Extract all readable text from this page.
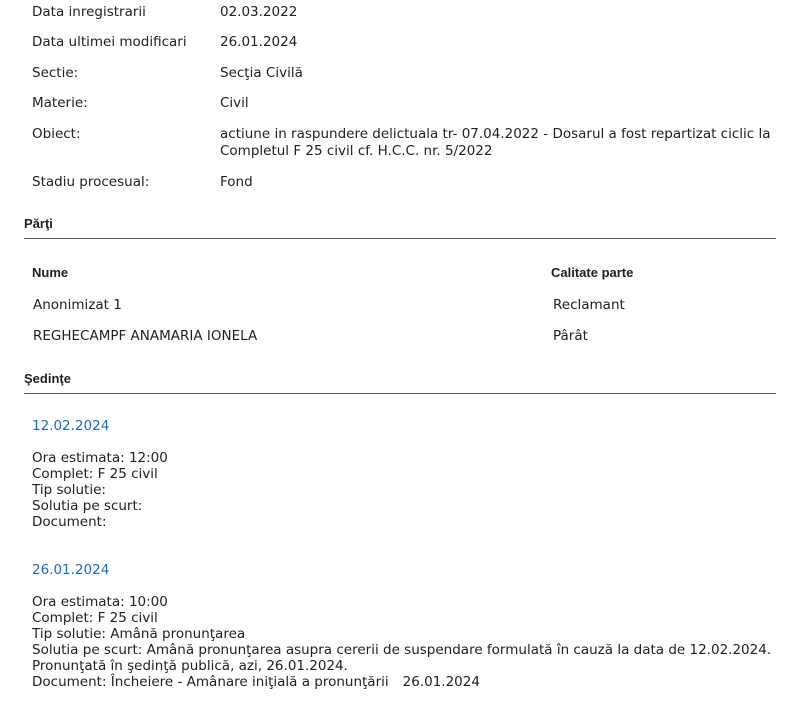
Data inregistrarii	02.03.2022
Data ultimei modificari	26.01.2024
Sectie:	Secţia Civilă
Materie:	Civil
Obiect:	actiune in raspundere delictuala tr- 07.04.2022 - Dosarul a fost repartizat ciclic la Completul F 25 civil cf. H.C.C. nr. 5/2022
Stadiu procesual:	Fond
Părţi
Nume	Calitate parte
Anonimizat 1	Reclamant
REGHECAMPF ANAMARIA IONELA	Pârât
Şedinţe
12.02.2024
Ora estimata: 12:00
Complet: F 25 civil
Tip solutie:
Solutia pe scurt:
Document:
26.01.2024
Ora estimata: 10:00
Complet: F 25 civil
Tip solutie: Amână pronunţarea
Solutia pe scurt: Amână pronunţarea asupra cererii de suspendare formulată în cauză la data de 12.02.2024. Pronunţată în şedinţă publică, azi, 26.01.2024.
Document: Încheiere - Amânare iniţială a pronunţării 26.01.2024
